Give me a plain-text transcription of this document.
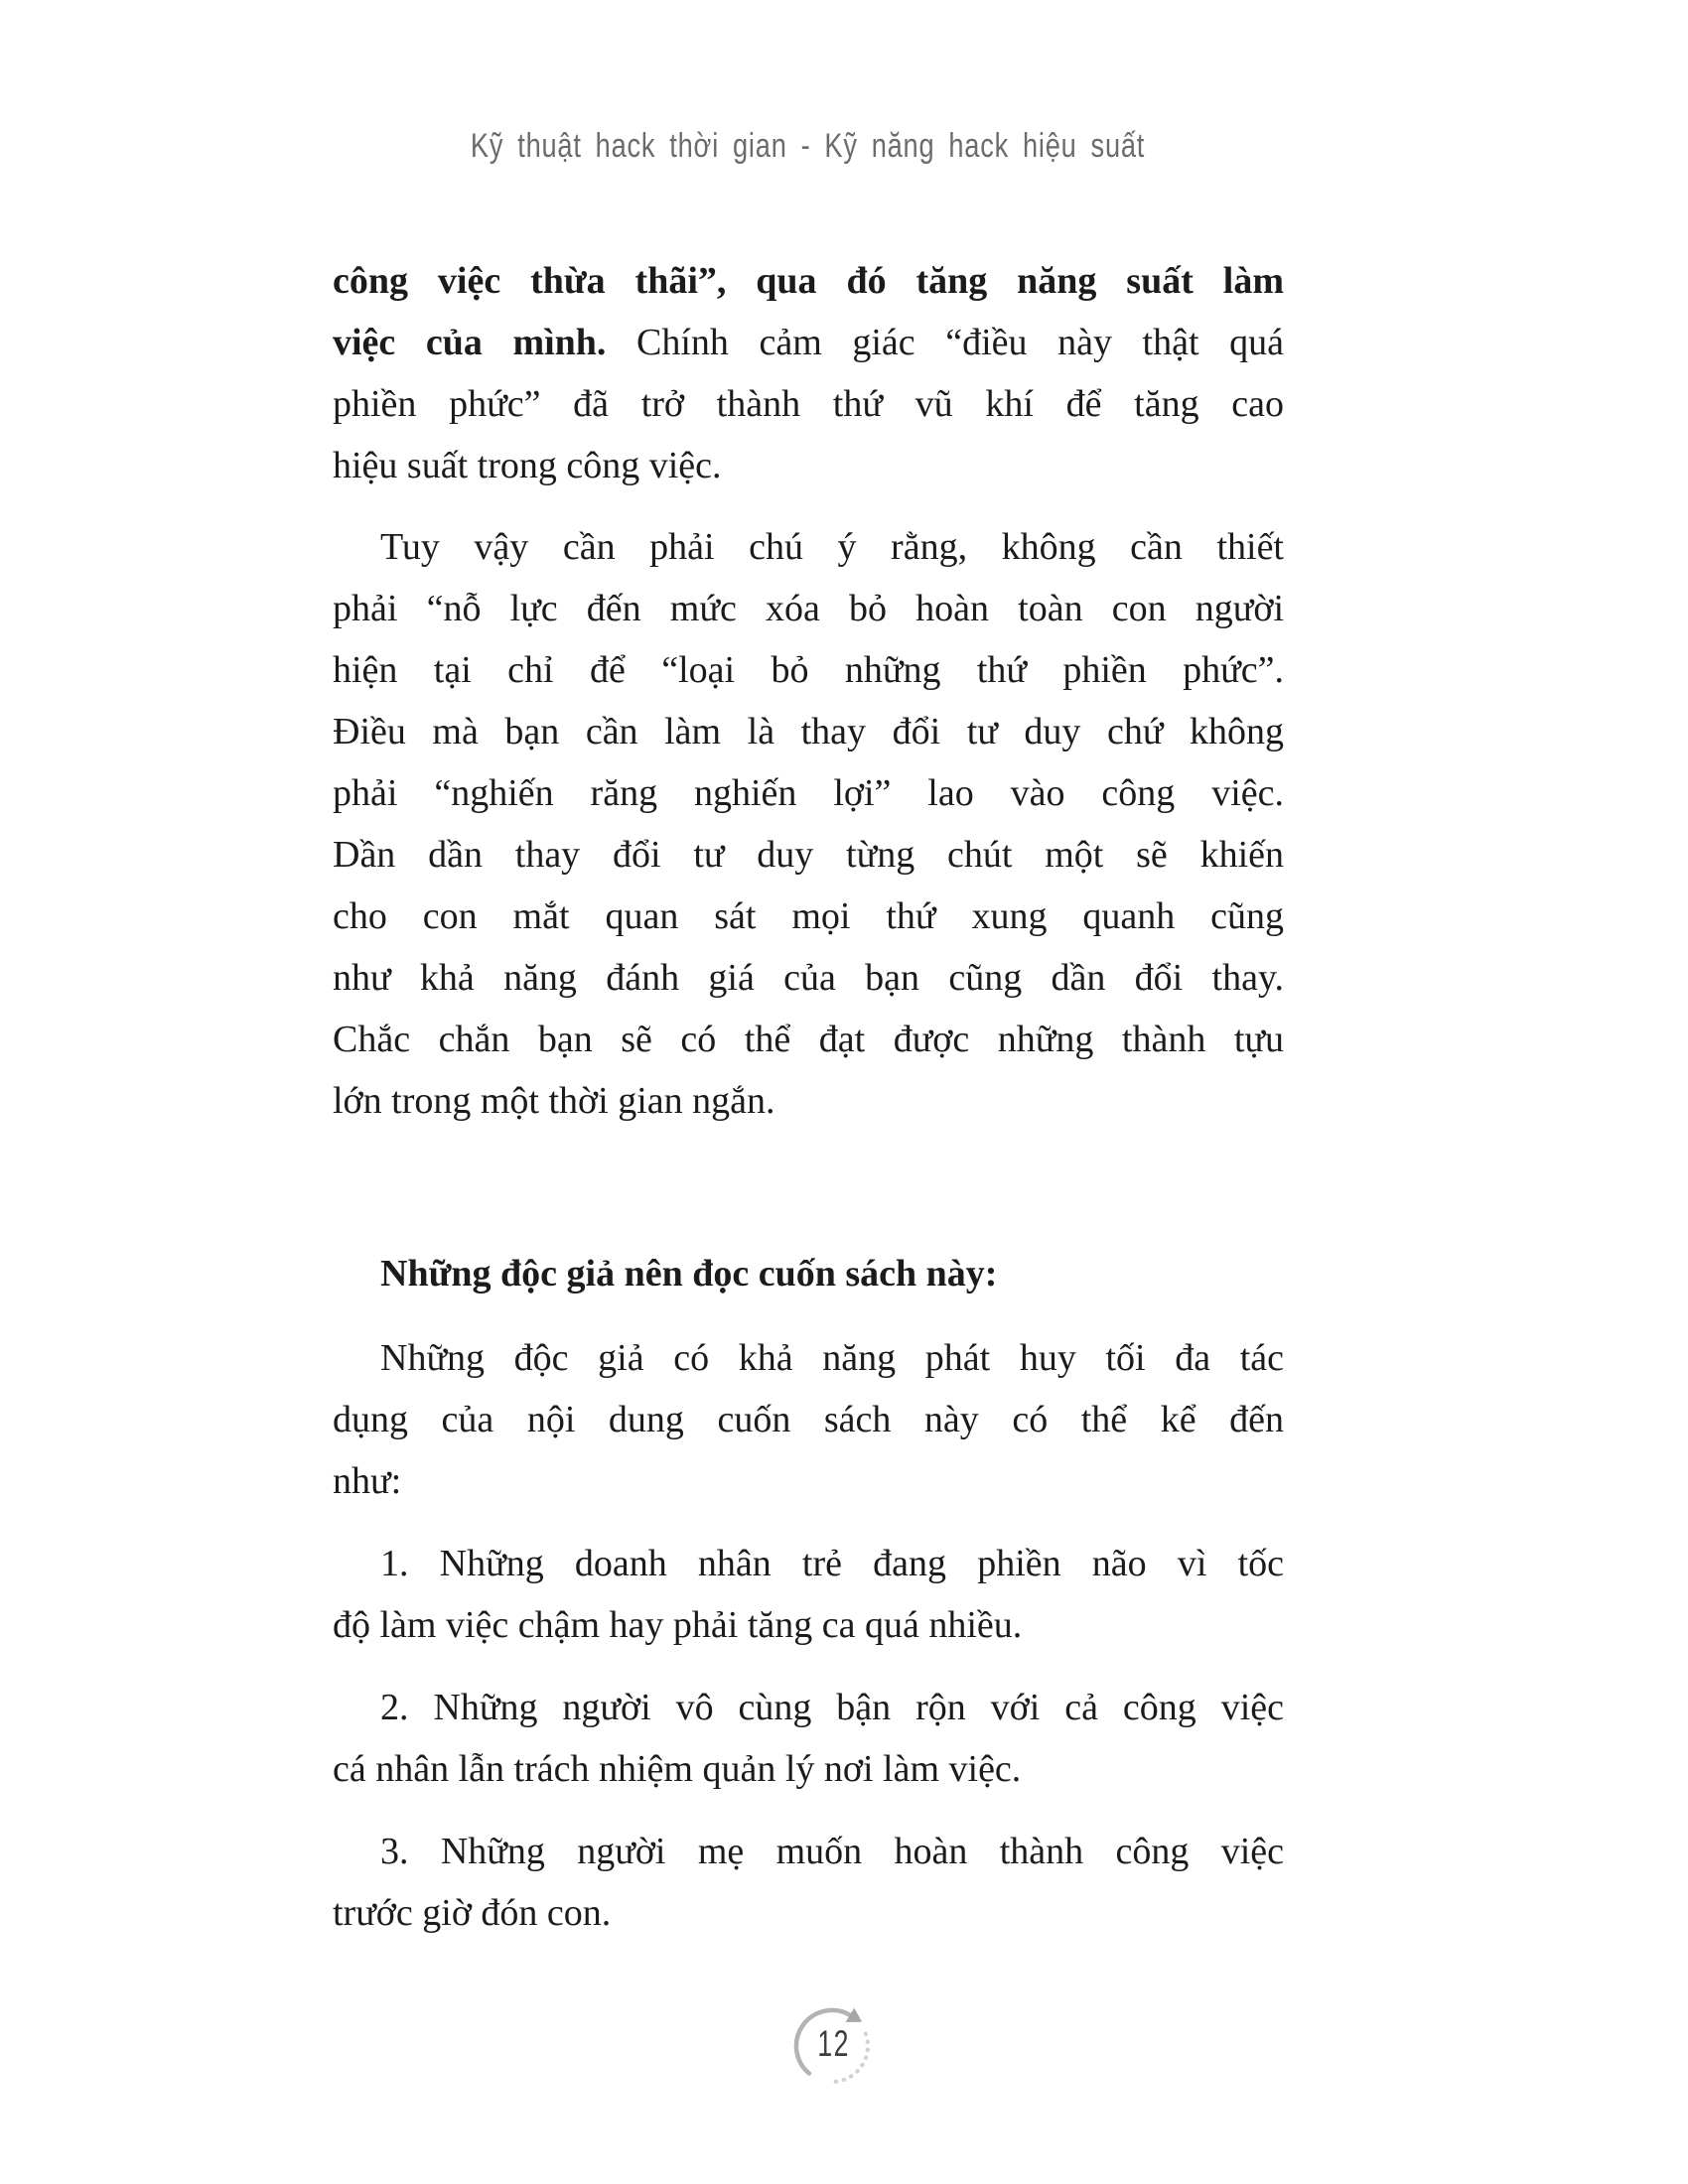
Kỹ thuật hack thời gian - Kỹ năng hack hiệu suất
công việc thừa thãi”, qua đó tăng năng suất làm
việc của mình. Chính cảm giác “điều này thật quá
phiền phức” đã trở thành thứ vũ khí để tăng cao
hiệu suất trong công việc.
Tuy vậy cần phải chú ý rằng, không cần thiết
phải “nỗ lực đến mức xóa bỏ hoàn toàn con người
hiện tại chỉ để “loại bỏ những thứ phiền phức”.
Điều mà bạn cần làm là thay đổi tư duy chứ không
phải “nghiến răng nghiến lợi” lao vào công việc.
Dần dần thay đổi tư duy từng chút một sẽ khiến
cho con mắt quan sát mọi thứ xung quanh cũng
như khả năng đánh giá của bạn cũng dần đổi thay.
Chắc chắn bạn sẽ có thể đạt được những thành tựu
lớn trong một thời gian ngắn.
Những độc giả nên đọc cuốn sách này:
Những độc giả có khả năng phát huy tối đa tác
dụng của nội dung cuốn sách này có thể kể đến
như:
1. Những doanh nhân trẻ đang phiền não vì tốc
độ làm việc chậm hay phải tăng ca quá nhiều.
2. Những người vô cùng bận rộn với cả công việc
cá nhân lẫn trách nhiệm quản lý nơi làm việc.
3. Những người mẹ muốn hoàn thành công việc
trước giờ đón con.
12
